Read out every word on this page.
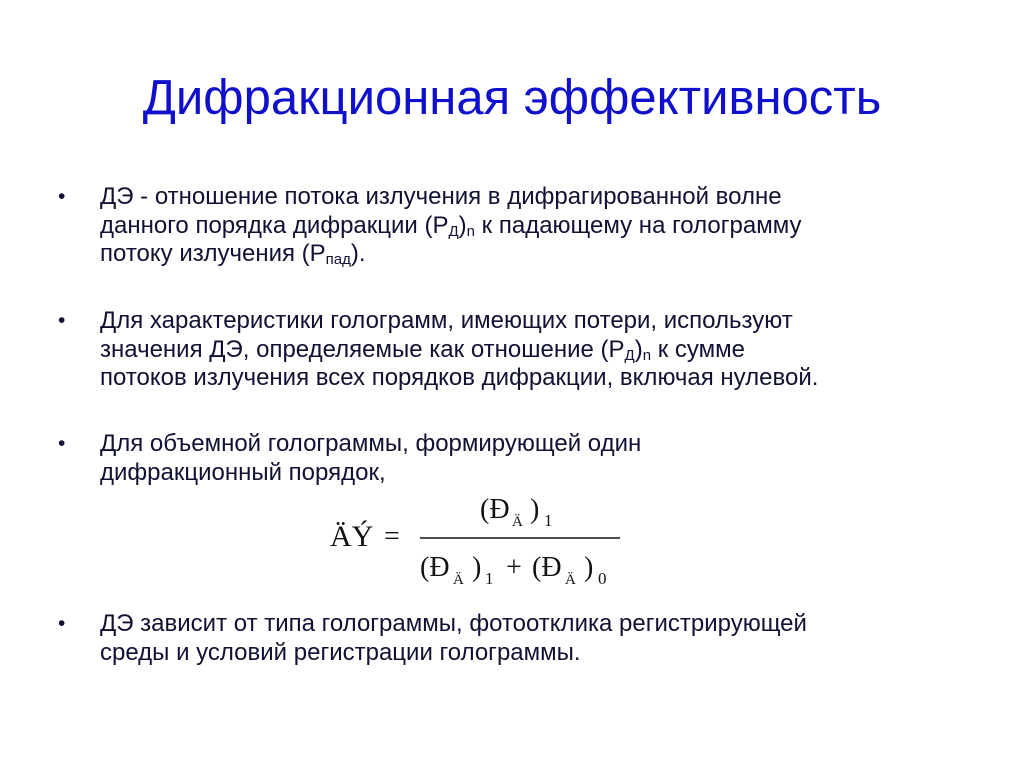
Дифракционная эффективность
•	ДЭ - отношение потока излучения в дифрагированной волне
данного порядка дифракции $(P_Д)_n$ к падающему на голограмму
потоку излучения $(P_{пад})$.
•	Для характеристики голограмм, имеющих потери, используют
значения ДЭ, определяемые как отношение $(P_Д)_n$ к сумме
потоков излучения всех порядков дифракции, включая нулевой.
•	Для объемной голограммы, формирующей один
дифракционный порядок,
ÄÝ =
(Ð Ä ) 1
(Ð Ä ) 1 + (Ð Ä ) 0
•	ДЭ зависит от типа голограммы, фотоотклика регистрирующей
среды и условий регистрации голограммы.
